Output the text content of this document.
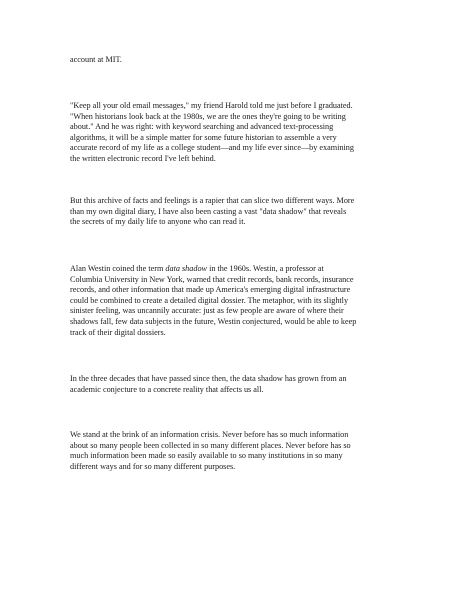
account at MIT.

"Keep all your old email messages," my friend Harold told me just before I graduated.
"When historians look back at the 1980s, we are the ones they're going to be writing
about." And he was right: with keyword searching and advanced text-processing
algorithms, it will be a simple matter for some future historian to assemble a very
accurate record of my life as a college student—and my life ever since—by examining
the written electronic record I've left behind.

But this archive of facts and feelings is a rapier that can slice two different ways. More
than my own digital diary, I have also been casting a vast "data shadow" that reveals
the secrets of my daily life to anyone who can read it.

Alan Westin coined the term data shadow in the 1960s. Westin, a professor at
Columbia University in New York, warned that credit records, bank records, insurance
records, and other information that made up America's emerging digital infrastructure
could be combined to create a detailed digital dossier. The metaphor, with its slightly
sinister feeling, was uncannily accurate: just as few people are aware of where their
shadows fall, few data subjects in the future, Westin conjectured, would be able to keep
track of their digital dossiers.

In the three decades that have passed since then, the data shadow has grown from an
academic conjecture to a concrete reality that affects us all.

We stand at the brink of an information crisis. Never before has so much information
about so many people been collected in so many different places. Never before has so
much information been made so easily available to so many institutions in so many
different ways and for so many different purposes.
